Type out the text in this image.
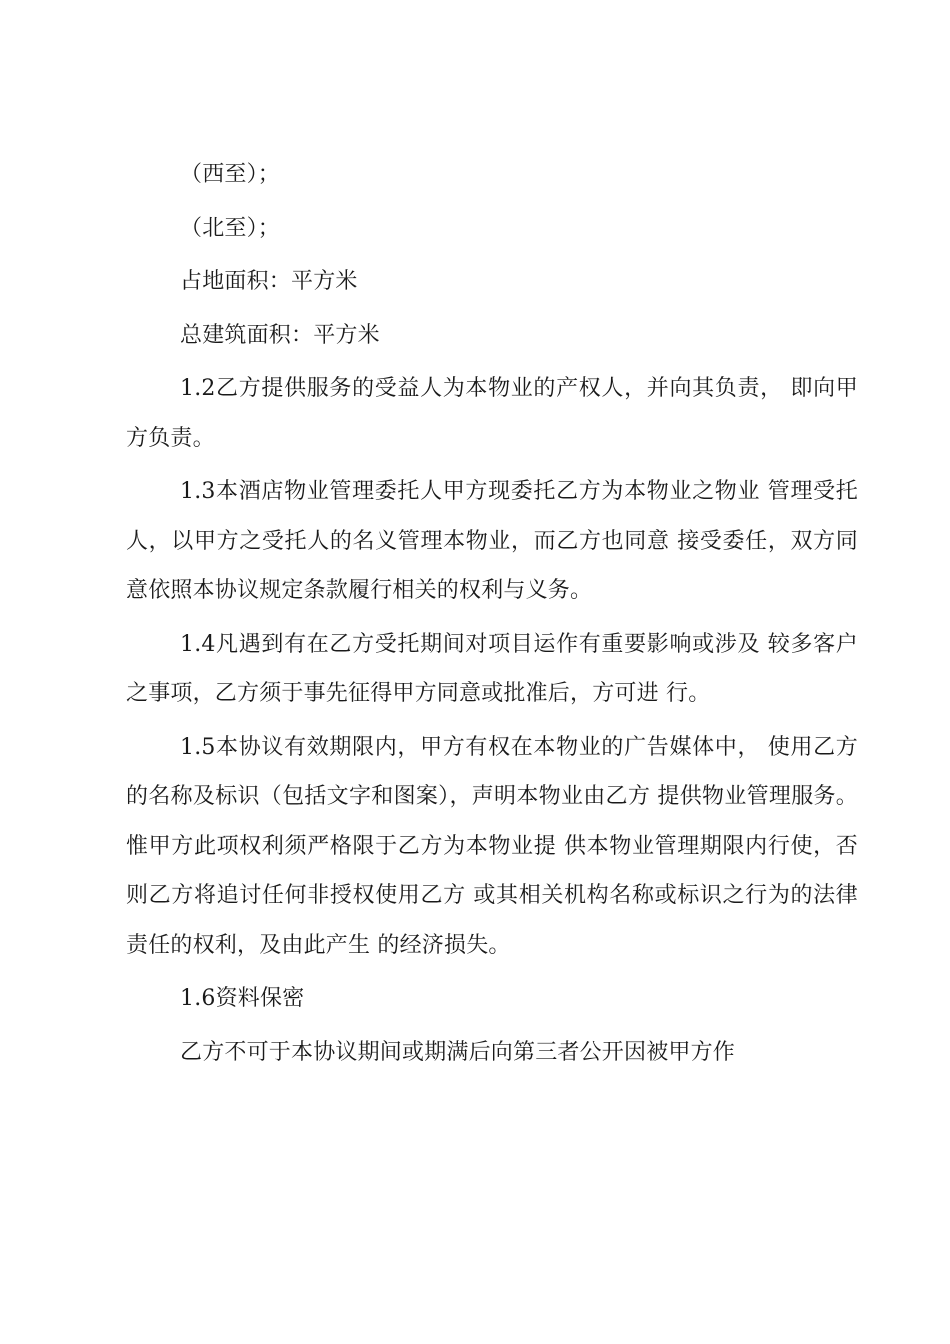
（西至）；

（北至）；

占地面积：平方米

总建筑面积：平方米

1.2乙方提供服务的受益人为本物业的产权人，并向其负责， 即向甲方负责。

1.3本酒店物业管理委托人甲方现委托乙方为本物业之物业 管理受托人，以甲方之受托人的名义管理本物业，而乙方也同意 接受委任，双方同意依照本协议规定条款履行相关的权利与义务。

1.4凡遇到有在乙方受托期间对项目运作有重要影响或涉及 较多客户之事项，乙方须于事先征得甲方同意或批准后，方可进 行。

1.5本协议有效期限内，甲方有权在本物业的广告媒体中， 使用乙方的名称及标识（包括文字和图案），声明本物业由乙方 提供物业管理服务。惟甲方此项权利须严格限于乙方为本物业提 供本物业管理期限内行使，否则乙方将追讨任何非授权使用乙方 或其相关机构名称或标识之行为的法律责任的权利，及由此产生 的经济损失。

1.6资料保密

乙方不可于本协议期间或期满后向第三者公开因被甲方作
